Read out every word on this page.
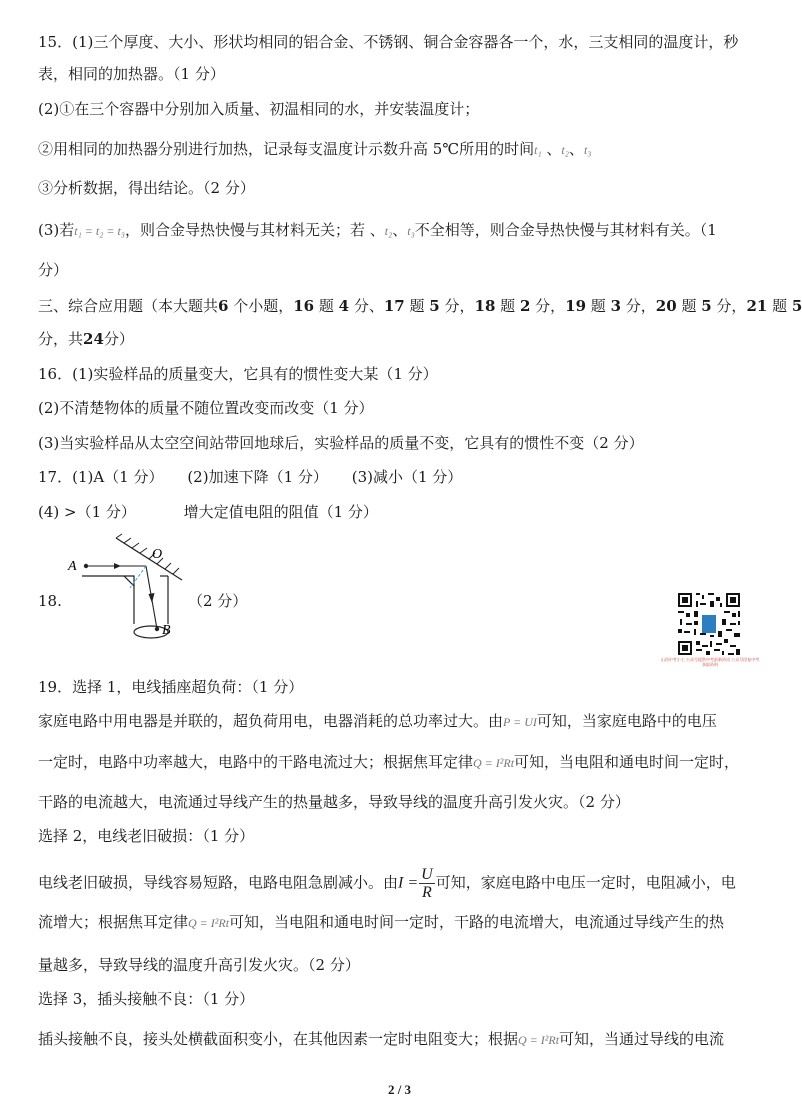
15．(1)三个厚度、大小、形状均相同的铝合金、不锈钢、铜合金容器各一个，水，三支相同的温度计，秒
表，相同的加热器。（1 分）
(2)①在三个容器中分别加入质量、初温相同的水，并安装温度计；
②用相同的加热器分别进行加热，记录每支温度计示数升高 5℃所用的时间t₁ 、t₂、t₃
③分析数据，得出结论。（2 分）
(3)若t₁ = t₂ = t₃，则合金导热快慢与其材料无关；若 、t₂、t₃不全相等，则合金导热快慢与其材料有关。（1
分）
三、综合应用题（本大题共6 个小题，16 题 4 分、17 题 5 分，18 题 2 分，19 题 3 分，20 题 5 分，21 题 5
分，共24分）
16．(1)实验样品的质量变大，它具有的惯性变大某（1 分）
(2)不清楚物体的质量不随位置改变而改变（1 分）
(3)当实验样品从太空空间站带回地球后，实验样品的质量不变，它具有的惯性不变（2 分）
17．(1)A（1 分）     (2)加速下降（1 分）     (3)减小（1 分）
(4) >（1 分）          增大定值电阻的阻值（1 分）
18.	（2 分）
A
O
B
山西中考小七 公众号提供中考最新资讯 公众号回复中考获取资料
19．选择 1，电线插座超负荷：（1 分）
家庭电路中用电器是并联的，超负荷用电，电器消耗的总功率过大。由P = UI可知，当家庭电路中的电压
一定时，电路中功率越大，电路中的干路电流过大；根据焦耳定律Q = I²Rt可知，当电阻和通电时间一定时，
干路的电流越大，电流通过导线产生的热量越多，导致导线的温度升高引发火灾。（2 分）
选择 2，电线老旧破损：（1 分）
电线老旧破损，导线容易短路，电路电阻急剧减小。由$I = \frac{U}{R}$ 可知，家庭电路中电压一定时，电阻减小，电
流增大；根据焦耳定律Q = I²Rt可知，当电阻和通电时间一定时，干路的电流增大，电流通过导线产生的热
量越多，导致导线的温度升高引发火灾。（2 分）
选择 3，插头接触不良：（1 分）
插头接触不良，接头处横截面积变小，在其他因素一定时电阻变大；根据Q = I²Rt可知，当通过导线的电流
2 / 3
